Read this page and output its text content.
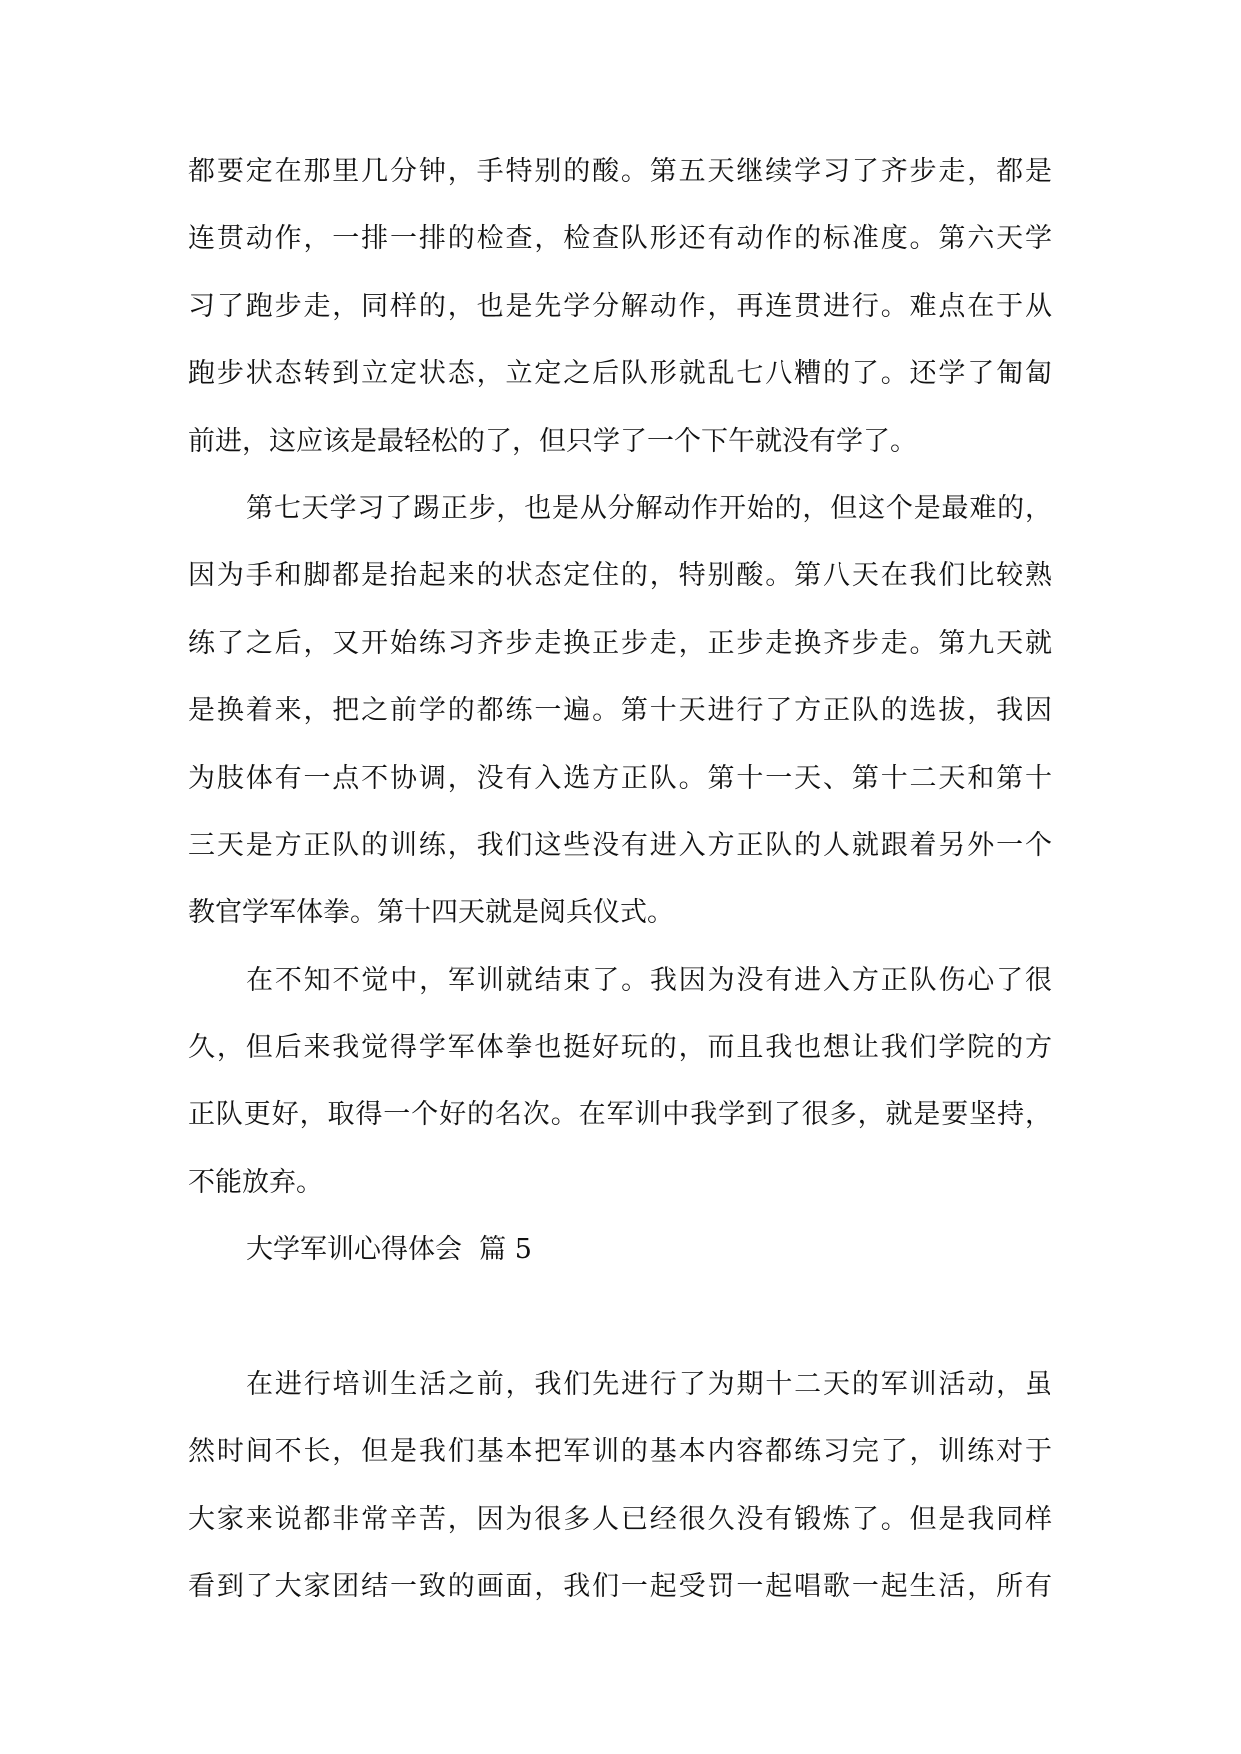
都要定在那里几分钟，手特别的酸。第五天继续学习了齐步走，都是
连贯动作，一排一排的检查，检查队形还有动作的标准度。第六天学
习了跑步走，同样的，也是先学分解动作，再连贯进行。难点在于从
跑步状态转到立定状态，立定之后队形就乱七八糟的了。还学了匍匐
前进，这应该是最轻松的了，但只学了一个下午就没有学了。
第七天学习了踢正步，也是从分解动作开始的，但这个是最难的，
因为手和脚都是抬起来的状态定住的，特别酸。第八天在我们比较熟
练了之后，又开始练习齐步走换正步走，正步走换齐步走。第九天就
是换着来，把之前学的都练一遍。第十天进行了方正队的选拔，我因
为肢体有一点不协调，没有入选方正队。第十一天、第十二天和第十
三天是方正队的训练，我们这些没有进入方正队的人就跟着另外一个
教官学军体拳。第十四天就是阅兵仪式。
在不知不觉中，军训就结束了。我因为没有进入方正队伤心了很
久，但后来我觉得学军体拳也挺好玩的，而且我也想让我们学院的方
正队更好，取得一个好的名次。在军训中我学到了很多，就是要坚持，
不能放弃。
大学军训心得体会  篇 5
在进行培训生活之前，我们先进行了为期十二天的军训活动，虽
然时间不长，但是我们基本把军训的基本内容都练习完了，训练对于
大家来说都非常辛苦，因为很多人已经很久没有锻炼了。但是我同样
看到了大家团结一致的画面，我们一起受罚一起唱歌一起生活，所有
